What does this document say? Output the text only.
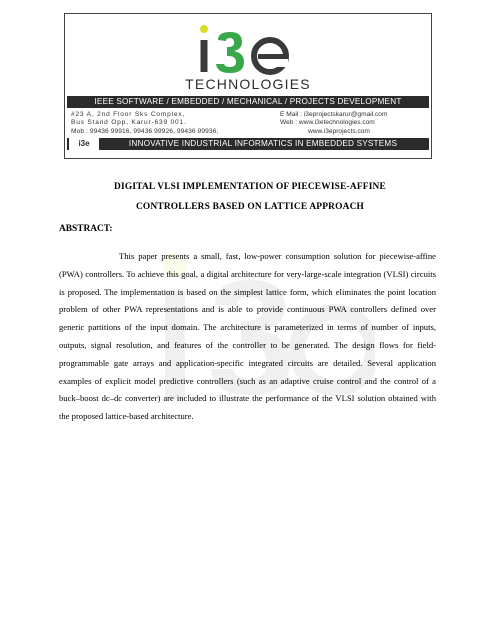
TECHNOLOGIES
IEEE SOFTWARE / EMBEDDED / MECHANICAL / PROJECTS DEVELOPMENT
#23 A, 2nd Floor Sks Complex,
Bus Stand Opp, Karur-639 001.
Mob : 99436 99916, 99436 99926, 99436 99936,
E Mail : i3eprojectskarur@gmail.com
Web : www.i3etechnologies.com
www.i3eprojects.com
i3e	INNOVATIVE INDUSTRIAL INFORMATICS IN EMBEDDED SYSTEMS
DIGITAL VLSI IMPLEMENTATION OF PIECEWISE-AFFINE
CONTROLLERS BASED ON LATTICE APPROACH
ABSTRACT:

This paper presents a small, fast, low-power consumption solution for piecewise-affine (PWA) controllers. To achieve this goal, a digital architecture for very-large-scale integration (VLSI) circuits is proposed. The implementation is based on the simplest lattice form, which eliminates the point location problem of other PWA representations and is able to provide continuous PWA controllers defined over generic partitions of the input domain. The architecture is parameterized in terms of number of inputs, outputs, signal resolution, and features of the controller to be generated. The design flows for field-programmable gate arrays and application-specific integrated circuits are detailed. Several application examples of explicit model predictive controllers (such as an adaptive cruise control and the control of a buck–boost dc–dc converter) are included to illustrate the performance of the VLSI solution obtained with the proposed lattice-based architecture.
